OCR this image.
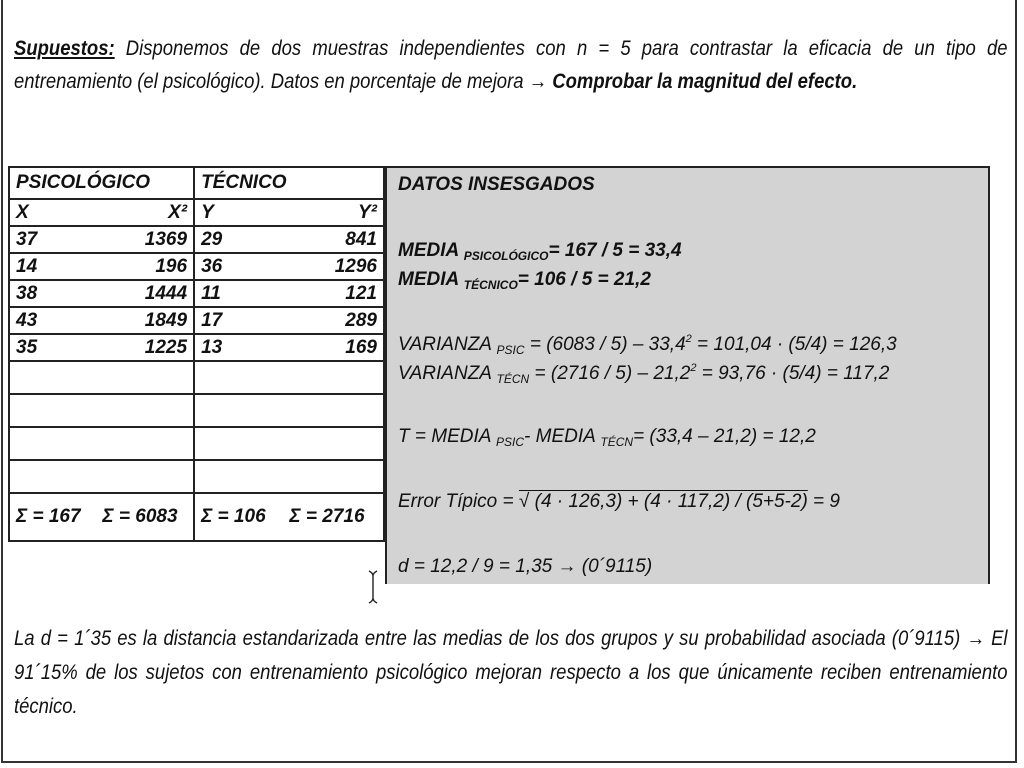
Supuestos: Disponemos de dos muestras independientes con n = 5 para contrastar la eficacia de un tipo de entrenamiento (el psicológico). Datos en porcentaje de mejora → Comprobar la magnitud del efecto.
PSICOLÓGICO		TÉCNICO	
X	X²	Y	Y²
37	1369	29	841
14	196	36	1296
38	1444	11	121
43	1849	17	289
35	1225	13	169

Σ = 167	Σ = 6083	Σ = 106	Σ = 2716
DATOS INSESGADOS
MEDIA $_{PSICOLÓGICO}$= 167 / 5 = 33,4
MEDIA $_{TÉCNICO}$= 106 / 5 = 21,2
VARIANZA $_{PSIC} = (6083 / 5) - 33,4^2 = 101,04 \cdot (5/4) = 126,3$
VARIANZA $_{TÉCN} = (2716 / 5) - 21,2^2 = 93,76 \cdot (5/4) = 117,2$
T = MEDIA $_{PSIC}$- MEDIA $_{TÉCN}$= (33,4 – 21,2) = 12,2
Error Típico = √ (4 · 126,3) + (4 · 117,2) / (5+5-2) = 9
d = 12,2 / 9 = 1,35 → (0´9115)
La d = 1´35 es la distancia estandarizada entre las medias de los dos grupos y su probabilidad asociada (0´9115) → El 91´15% de los sujetos con entrenamiento psicológico mejoran respecto a los que únicamente reciben entrenamiento técnico.
